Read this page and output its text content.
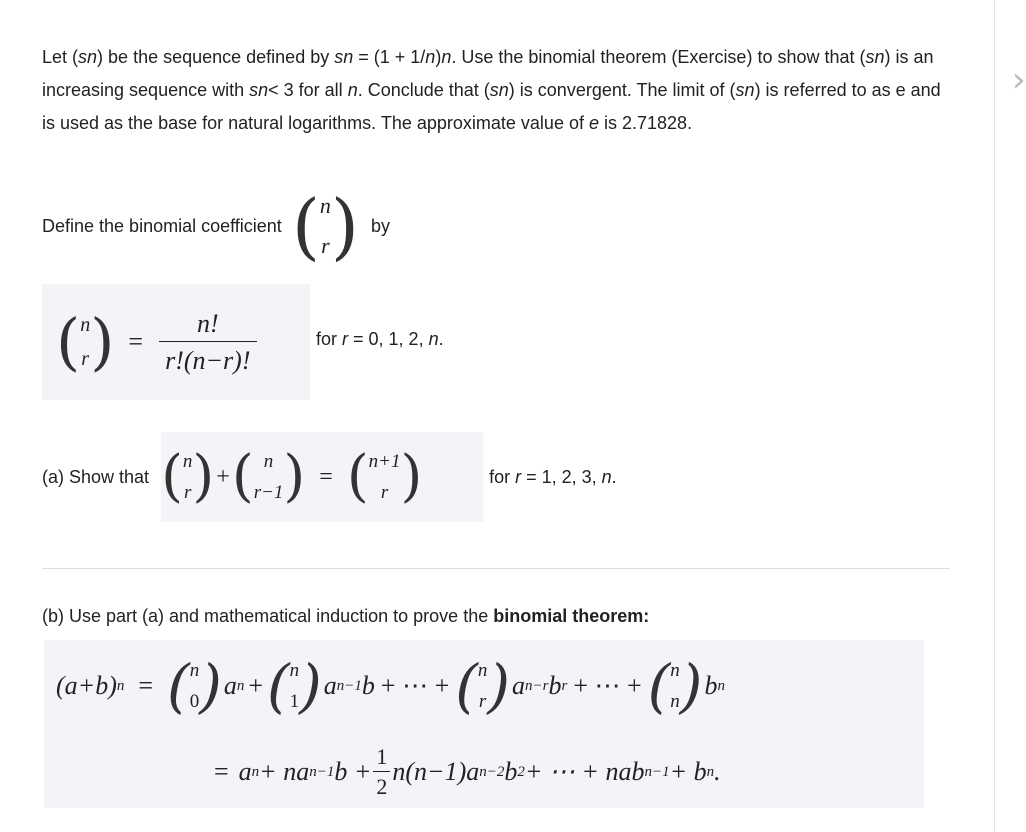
›
Let (sn) be the sequence defined by sn = (1 + 1/n)n. Use the binomial theorem (Exercise) to show that (sn) is an increasing sequence with sn< 3 for all n. Conclude that (sn) is convergent. The limit of (sn) is referred to as e and is used as the base for natural logarithms. The approximate value of e is 2.71828.
Define the binomial coefficient ( n
r ) by
( n
r ) = $\frac{n!}{r!(n-r)!}$	for r = 0, 1, 2, n.
(a) Show that ( n
r ) + ( n
r−1 ) = ( n+1
r )	for r = 1, 2, 3, n.
(b) Use part (a) and mathematical induction to prove the binomial theorem:
(a+b) n = ( n
0 ) a n + ( n
1 ) a n−1 b + ⋯ + ( n
r ) a n−r b r + ⋯ + ( n
n ) b n
= a n + na n−1 $b + \frac{1}{2} n(n-1)a$ n−2 b 2 + ⋯ + nab n−1 + b n .
